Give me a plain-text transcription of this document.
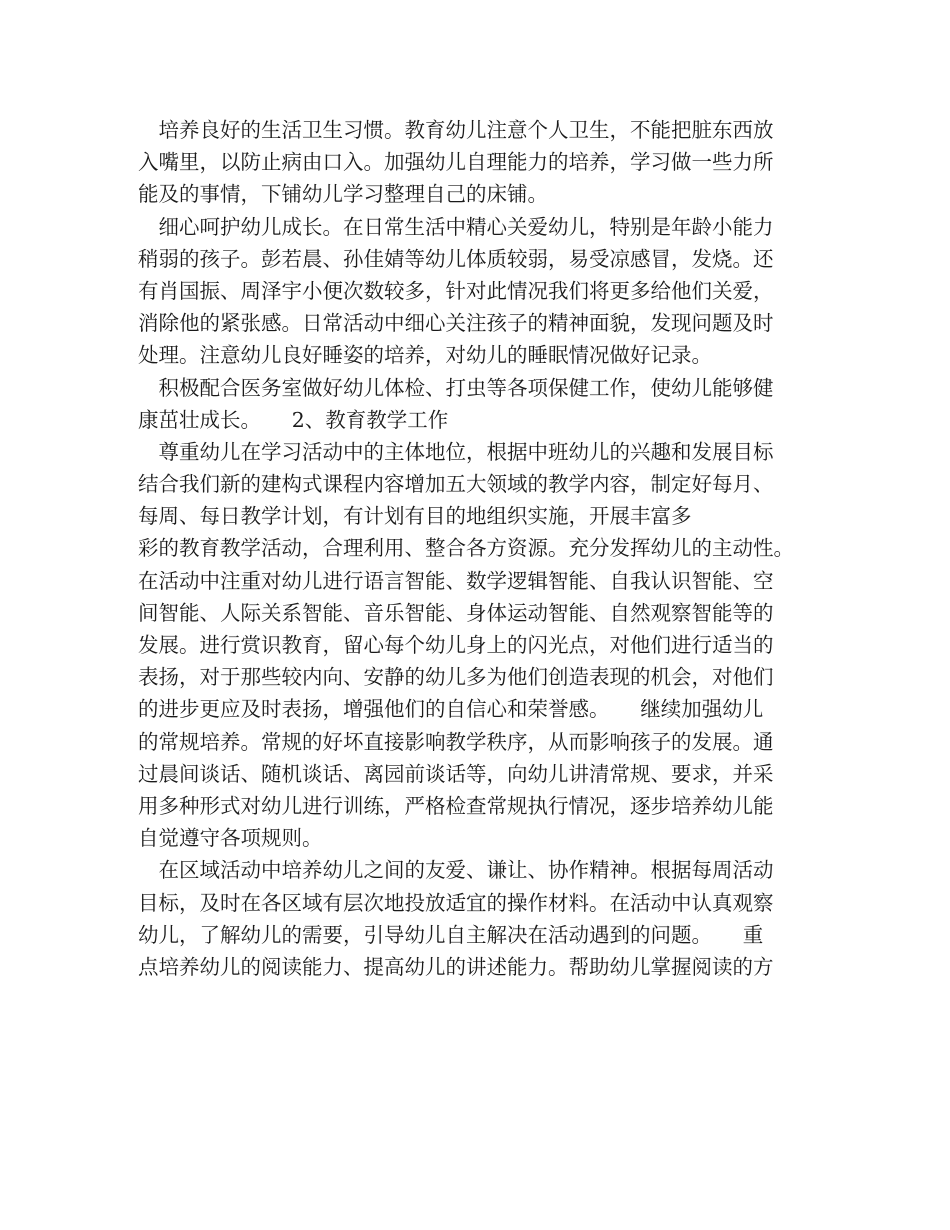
　培养良好的生活卫生习惯。教育幼儿注意个人卫生，不能把脏东西放
入嘴里，以防止病由口入。加强幼儿自理能力的培养，学习做一些力所
能及的事情，下铺幼儿学习整理自己的床铺。
　细心呵护幼儿成长。在日常生活中精心关爱幼儿，特别是年龄小能力
稍弱的孩子。彭若晨、孙佳婧等幼儿体质较弱，易受凉感冒，发烧。还
有肖国振、周泽宇小便次数较多，针对此情况我们将更多给他们关爱，
消除他的紧张感。日常活动中细心关注孩子的精神面貌，发现问题及时
处理。注意幼儿良好睡姿的培养，对幼儿的睡眠情况做好记录。
　积极配合医务室做好幼儿体检、打虫等各项保健工作，使幼儿能够健
康茁壮成长。　　2、教育教学工作
　尊重幼儿在学习活动中的主体地位，根据中班幼儿的兴趣和发展目标
结合我们新的建构式课程内容增加五大领域的教学内容，制定好每月、
每周、每日教学计划，有计划有目的地组织实施，开展丰富多
彩的教育教学活动，合理利用、整合各方资源。充分发挥幼儿的主动性。
在活动中注重对幼儿进行语言智能、数学逻辑智能、自我认识智能、空
间智能、人际关系智能、音乐智能、身体运动智能、自然观察智能等的
发展。进行赏识教育，留心每个幼儿身上的闪光点，对他们进行适当的
表扬，对于那些较内向、安静的幼儿多为他们创造表现的机会，对他们
的进步更应及时表扬，增强他们的自信心和荣誉感。　　继续加强幼儿
的常规培养。常规的好坏直接影响教学秩序，从而影响孩子的发展。通
过晨间谈话、随机谈话、离园前谈话等，向幼儿讲清常规、要求，并采
用多种形式对幼儿进行训练，严格检查常规执行情况，逐步培养幼儿能
自觉遵守各项规则。
　在区域活动中培养幼儿之间的友爱、谦让、协作精神。根据每周活动
目标，及时在各区域有层次地投放适宜的操作材料。在活动中认真观察
幼儿，了解幼儿的需要，引导幼儿自主解决在活动遇到的问题。　　重
点培养幼儿的阅读能力、提高幼儿的讲述能力。帮助幼儿掌握阅读的方
